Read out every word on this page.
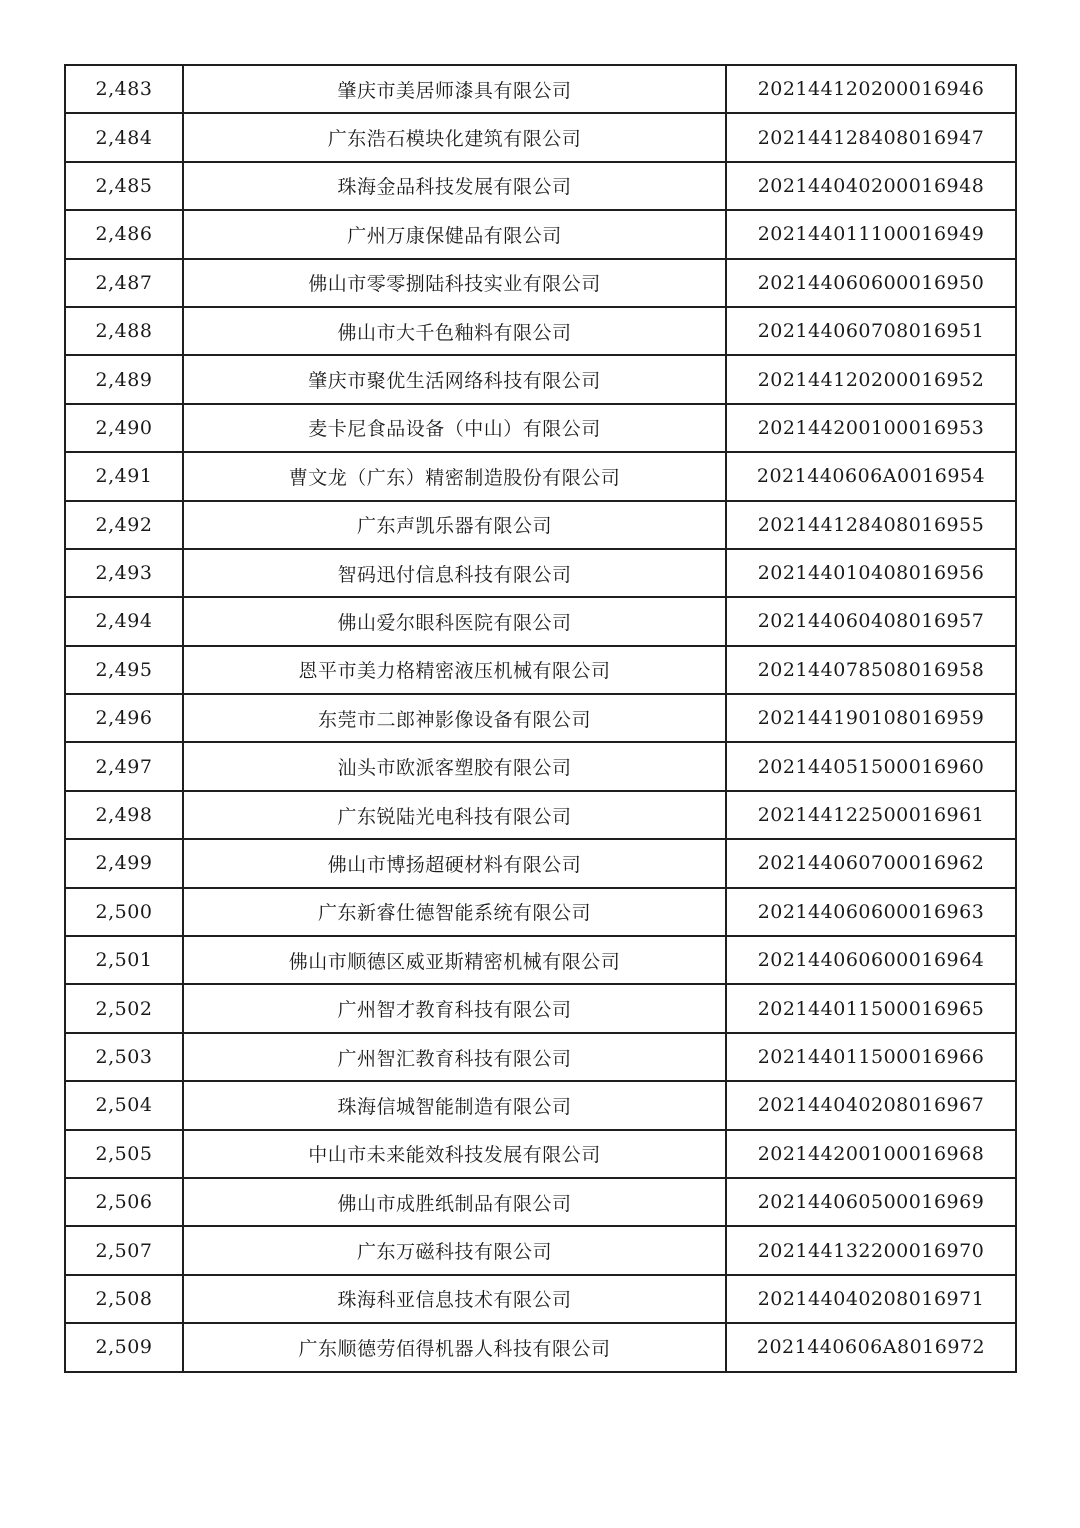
2,483	肇庆市美居师漆具有限公司	202144120200016946
2,484	广东浩石模块化建筑有限公司	202144128408016947
2,485	珠海金品科技发展有限公司	202144040200016948
2,486	广州万康保健品有限公司	202144011100016949
2,487	佛山市零零捌陆科技实业有限公司	202144060600016950
2,488	佛山市大千色釉料有限公司	202144060708016951
2,489	肇庆市聚优生活网络科技有限公司	202144120200016952
2,490	麦卡尼食品设备（中山）有限公司	202144200100016953
2,491	曹文龙（广东）精密制造股份有限公司	2021440606A0016954
2,492	广东声凯乐器有限公司	202144128408016955
2,493	智码迅付信息科技有限公司	202144010408016956
2,494	佛山爱尔眼科医院有限公司	202144060408016957
2,495	恩平市美力格精密液压机械有限公司	202144078508016958
2,496	东莞市二郎神影像设备有限公司	202144190108016959
2,497	汕头市欧派客塑胶有限公司	202144051500016960
2,498	广东锐陆光电科技有限公司	202144122500016961
2,499	佛山市博扬超硬材料有限公司	202144060700016962
2,500	广东新睿仕德智能系统有限公司	202144060600016963
2,501	佛山市顺德区威亚斯精密机械有限公司	202144060600016964
2,502	广州智才教育科技有限公司	202144011500016965
2,503	广州智汇教育科技有限公司	202144011500016966
2,504	珠海信城智能制造有限公司	202144040208016967
2,505	中山市未来能效科技发展有限公司	202144200100016968
2,506	佛山市成胜纸制品有限公司	202144060500016969
2,507	广东万磁科技有限公司	202144132200016970
2,508	珠海科亚信息技术有限公司	202144040208016971
2,509	广东顺德劳佰得机器人科技有限公司	2021440606A8016972
